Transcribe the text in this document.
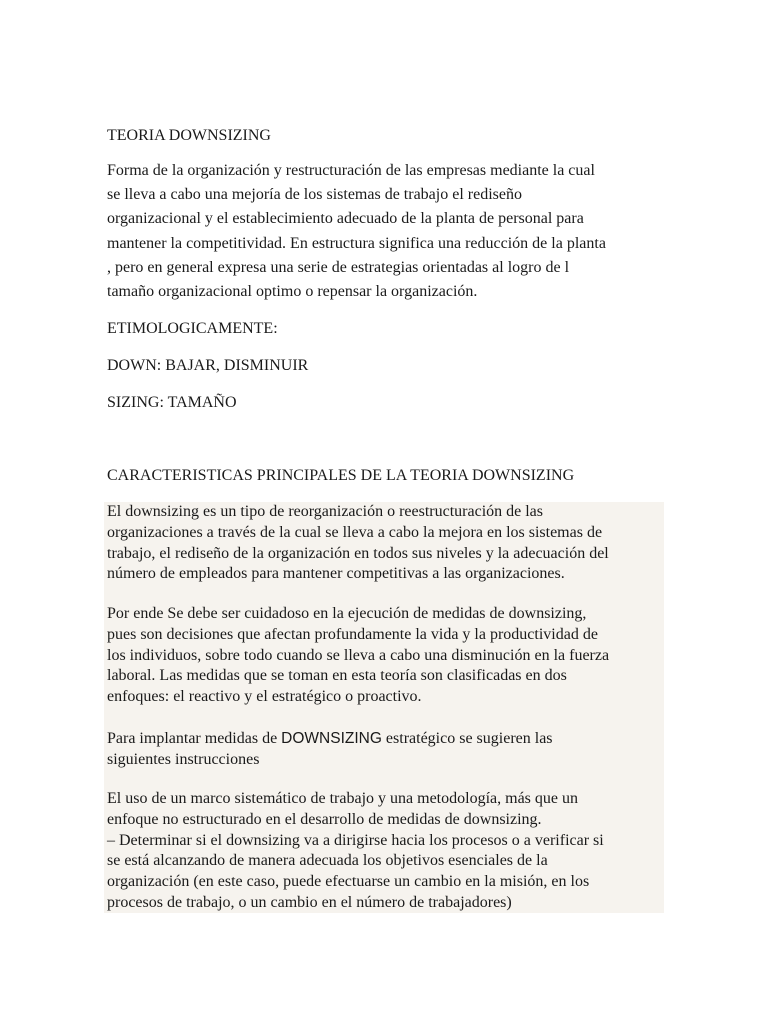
TEORIA DOWNSIZING

Forma de la organización y restructuración de las empresas mediante la cual
se lleva a cabo una mejoría de los sistemas de trabajo el rediseño
organizacional y el establecimiento adecuado de la planta de personal para
mantener la competitividad. En estructura significa una reducción de la planta
, pero en general expresa una serie de estrategias orientadas al logro de l
tamaño organizacional optimo o repensar la organización.

ETIMOLOGICAMENTE:

DOWN: BAJAR, DISMINUIR

SIZING: TAMAÑO

CARACTERISTICAS PRINCIPALES DE LA TEORIA DOWNSIZING

El downsizing es un tipo de reorganización o reestructuración de las
organizaciones a través de la cual se lleva a cabo la mejora en los sistemas de
trabajo, el rediseño de la organización en todos sus niveles y la adecuación del
número de empleados para mantener competitivas a las organizaciones.

Por ende Se debe ser cuidadoso en la ejecución de medidas de downsizing,
pues son decisiones que afectan profundamente la vida y la productividad de
los individuos, sobre todo cuando se lleva a cabo una disminución en la fuerza
laboral. Las medidas que se toman en esta teoría son clasificadas en dos
enfoques: el reactivo y el estratégico o proactivo.

Para implantar medidas de DOWNSIZING estratégico se sugieren las
siguientes instrucciones

El uso de un marco sistemático de trabajo y una metodología, más que un
enfoque no estructurado en el desarrollo de medidas de downsizing.
– Determinar si el downsizing va a dirigirse hacia los procesos o a verificar si
se está alcanzando de manera adecuada los objetivos esenciales de la
organización (en este caso, puede efectuarse un cambio en la misión, en los
procesos de trabajo, o un cambio en el número de trabajadores)
